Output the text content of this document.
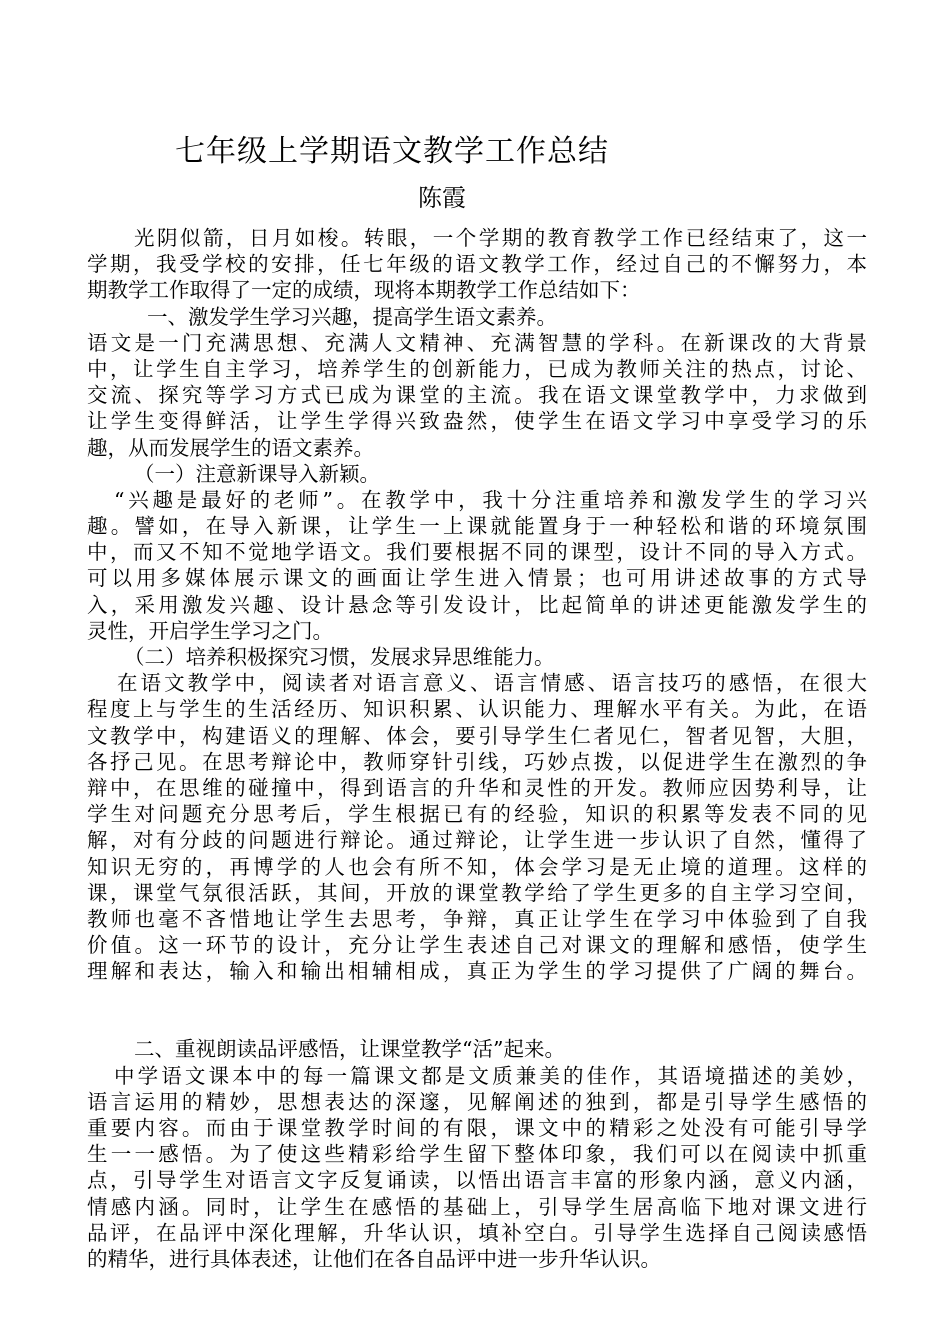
七年级上学期语文教学工作总结
陈霞
光阴似箭，日月如梭。转眼，一个学期的教育教学工作已经结束了，这一
学期，我受学校的安排，任七年级的语文教学工作，经过自己的不懈努力，本
期教学工作取得了一定的成绩，现将本期教学工作总结如下：
一、激发学生学习兴趣，提高学生语文素养。
语文是一门充满思想、充满人文精神、充满智慧的学科。在新课改的大背景
中，让学生自主学习，培养学生的创新能力，已成为教师关注的热点，讨论、
交流、探究等学习方式已成为课堂的主流。我在语文课堂教学中，力求做到
让学生变得鲜活，让学生学得兴致盎然，使学生在语文学习中享受学习的乐
趣，从而发展学生的语文素养。
（一）注意新课导入新颖。
“兴趣是最好的老师”。在教学中，我十分注重培养和激发学生的学习兴
趣。譬如，在导入新课，让学生一上课就能置身于一种轻松和谐的环境氛围
中，而又不知不觉地学语文。我们要根据不同的课型，设计不同的导入方式。
可以用多媒体展示课文的画面让学生进入情景；也可用讲述故事的方式导
入，采用激发兴趣、设计悬念等引发设计，比起简单的讲述更能激发学生的
灵性，开启学生学习之门。
（二）培养积极探究习惯，发展求异思维能力。
在语文教学中，阅读者对语言意义、语言情感、语言技巧的感悟，在很大
程度上与学生的生活经历、知识积累、认识能力、理解水平有关。为此，在语
文教学中，构建语义的理解、体会，要引导学生仁者见仁，智者见智，大胆，
各抒己见。在思考辩论中，教师穿针引线，巧妙点拨，以促进学生在激烈的争
辩中，在思维的碰撞中，得到语言的升华和灵性的开发。教师应因势利导，让
学生对问题充分思考后，学生根据已有的经验，知识的积累等发表不同的见
解，对有分歧的问题进行辩论。通过辩论，让学生进一步认识了自然，懂得了
知识无穷的，再博学的人也会有所不知，体会学习是无止境的道理。这样的
课，课堂气氛很活跃，其间，开放的课堂教学给了学生更多的自主学习空间，
教师也毫不吝惜地让学生去思考，争辩，真正让学生在学习中体验到了自我
价值。这一环节的设计，充分让学生表述自己对课文的理解和感悟，使学生
理解和表达，输入和输出相辅相成，真正为学生的学习提供了广阔的舞台。
二、重视朗读品评感悟，让课堂教学“活”起来。
中学语文课本中的每一篇课文都是文质兼美的佳作，其语境描述的美妙，
语言运用的精妙，思想表达的深邃，见解阐述的独到，都是引导学生感悟的
重要内容。而由于课堂教学时间的有限，课文中的精彩之处没有可能引导学
生一一感悟。为了使这些精彩给学生留下整体印象，我们可以在阅读中抓重
点，引导学生对语言文字反复诵读，以悟出语言丰富的形象内涵，意义内涵，
情感内涵。同时，让学生在感悟的基础上，引导学生居高临下地对课文进行
品评，在品评中深化理解，升华认识，填补空白。引导学生选择自己阅读感悟
的精华，进行具体表述，让他们在各自品评中进一步升华认识。
